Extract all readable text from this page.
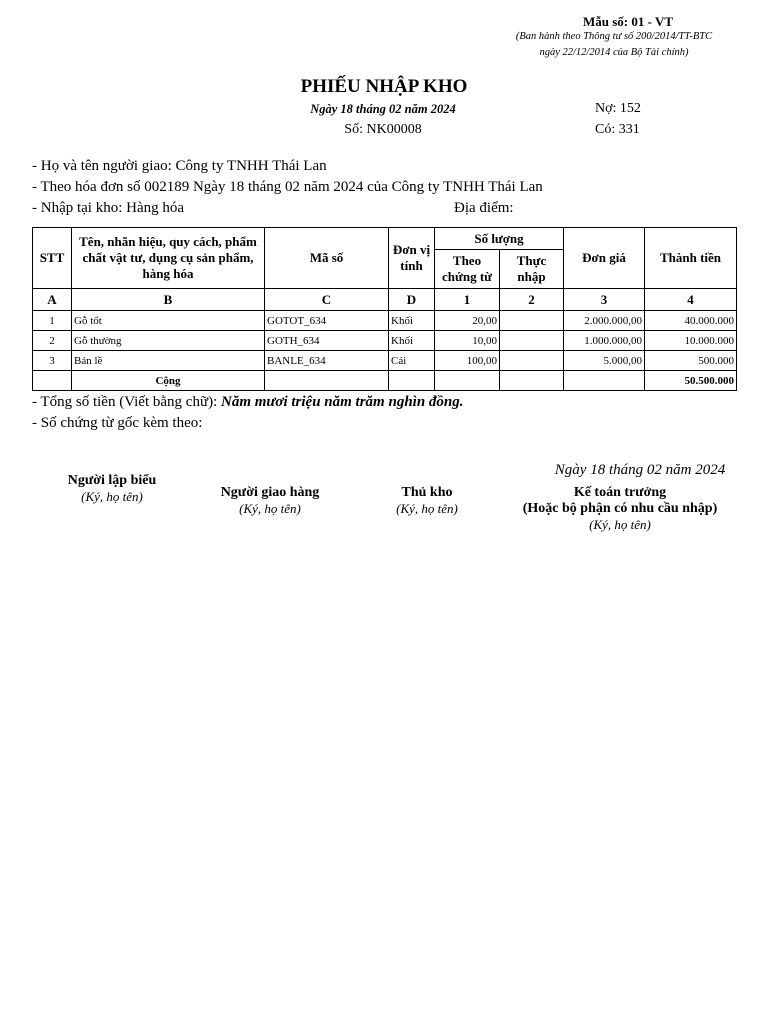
Mẫu số: 01 - VT
(Ban hành theo Thông tư số 200/2014/TT-BTC
ngày 22/12/2014 của Bộ Tài chính)
PHIẾU NHẬP KHO
Ngày 18 tháng 02 năm 2024
Số: NK00008
Nợ: 152
Có: 331
- Họ và tên người giao: Công ty TNHH Thái Lan
- Theo hóa đơn số 002189 Ngày 18 tháng 02 năm 2024 của Công ty TNHH Thái Lan
- Nhập tại kho: Hàng hóa	Địa điểm:
STT	Tên, nhãn hiệu, quy cách, phẩm chất vật tư, dụng cụ sản phẩm, hàng hóa	Mã số	Đơn vị tính	Số lượng		Đơn giá	Thành tiền
				Theo chứng từ	Thực nhập		
A	B	C	D	1	2	3	4
1	Gỗ tốt	GOTOT_634	Khối	20,00		2.000.000,00	40.000.000
2	Gỗ thường	GOTH_634	Khối	10,00		1.000.000,00	10.000.000
3	Bản lề	BANLE_634	Cái	100,00		5.000,00	500.000
	Cộng						50.500.000
- Tổng số tiền (Viết bằng chữ): Năm mươi triệu năm trăm nghìn đồng.
- Số chứng từ gốc kèm theo:
Ngày 18 tháng 02 năm 2024
Người lập biểu
(Ký, họ tên)	Người giao hàng
(Ký, họ tên)
Thủ kho
(Ký, họ tên)
Kế toán trưởng
(Hoặc bộ phận có nhu cầu nhập)
(Ký, họ tên)
